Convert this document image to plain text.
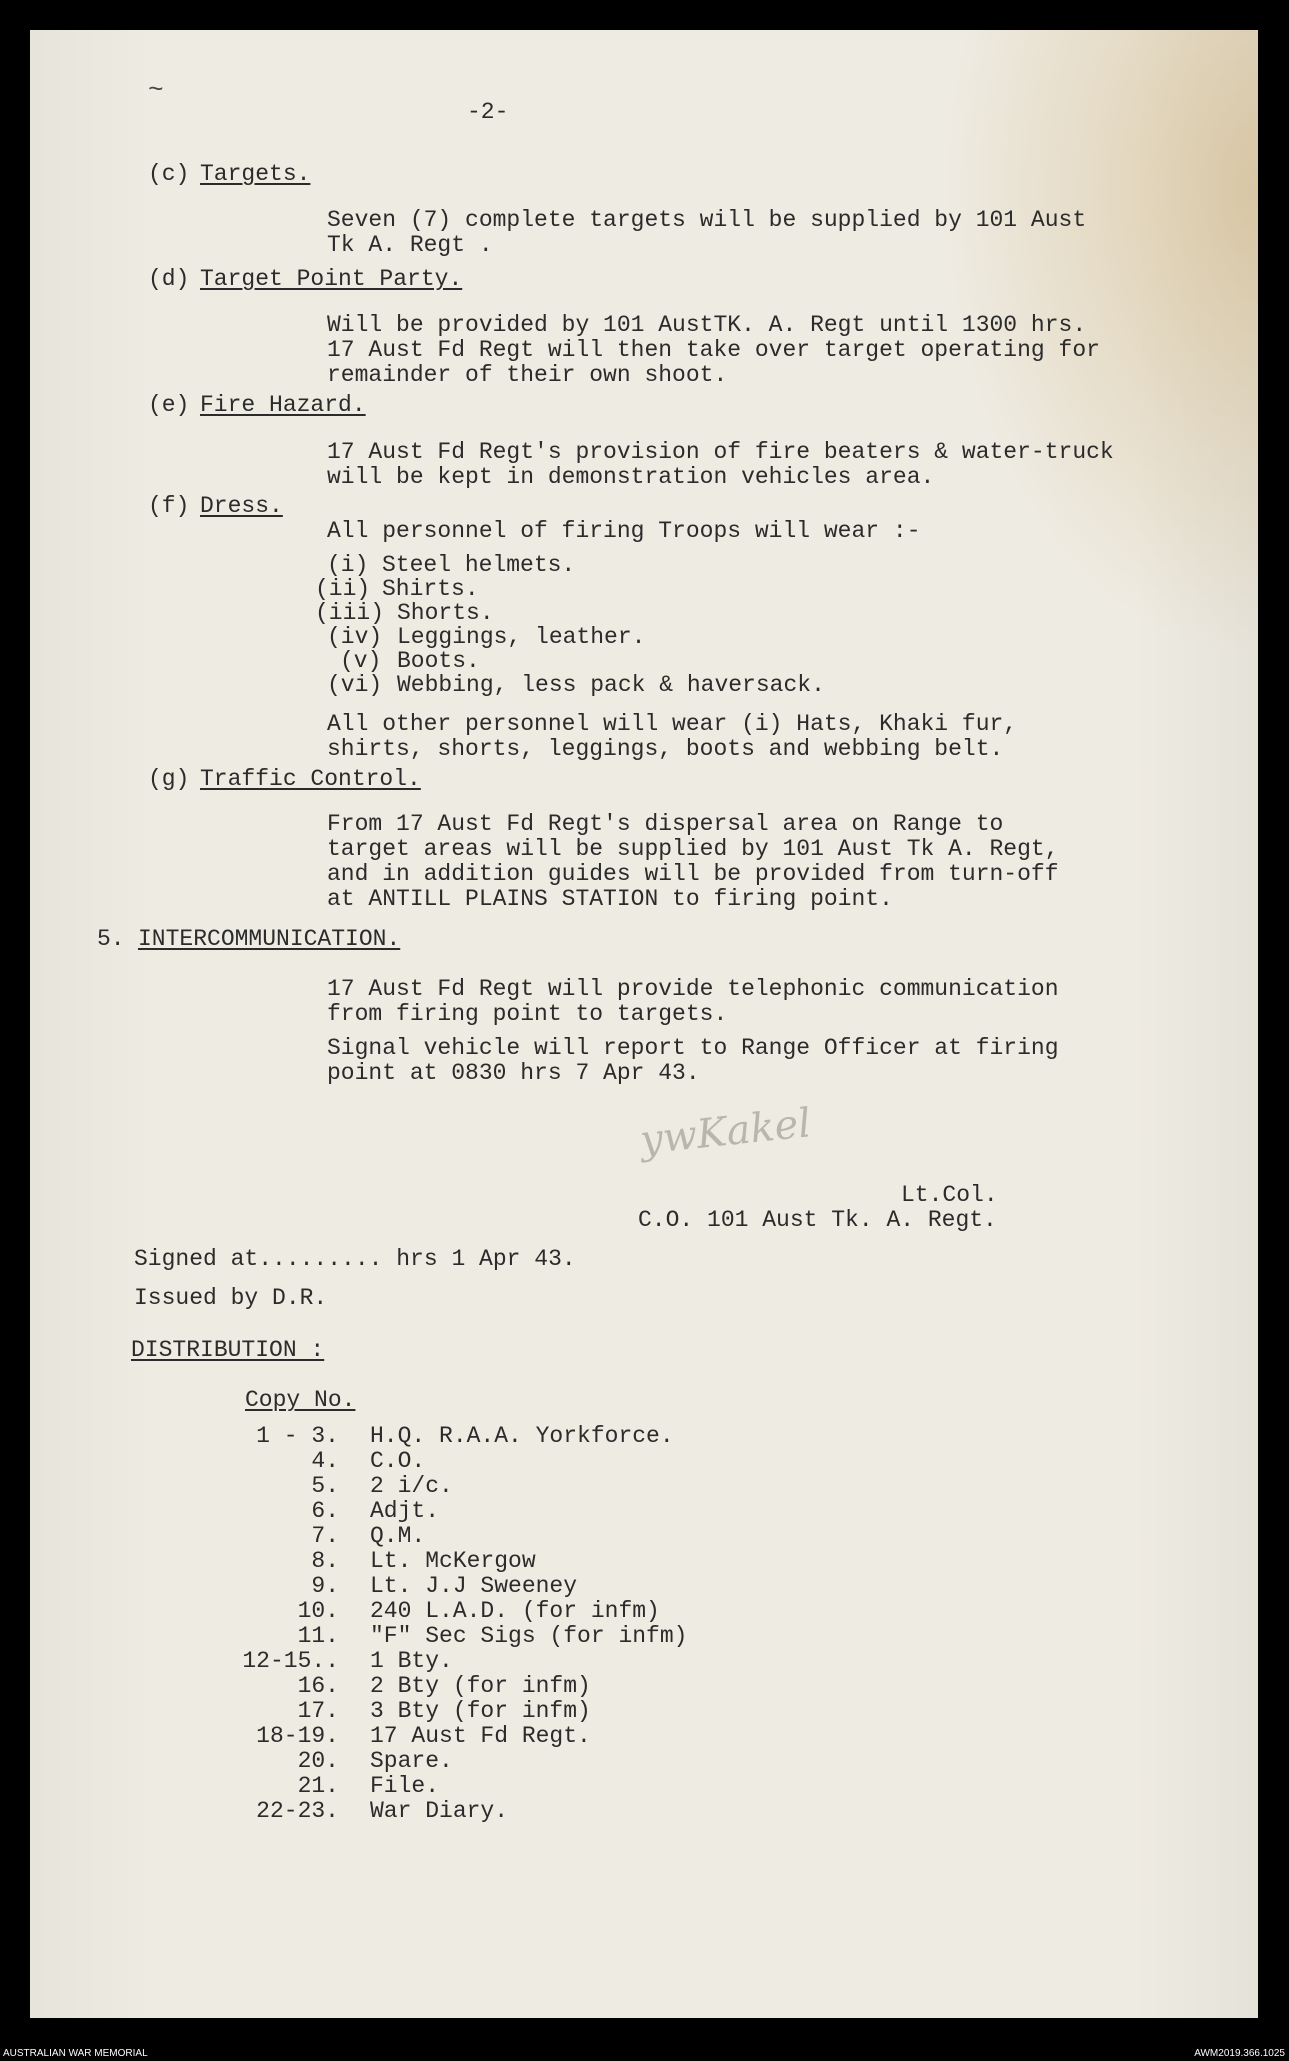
~
-2-
(c) Targets.
Seven (7) complete targets will be supplied by 101 Aust
Tk A. Regt .
(d) Target Point Party.
Will be provided by 101 AustTK. A. Regt until 1300 hrs.
17 Aust Fd Regt will then take over target operating for
remainder of their own shoot.
(e) Fire Hazard.
17 Aust Fd Regt's provision of fire beaters & water-truck
will be kept in demonstration vehicles area.
(f) Dress.
All personnel of firing Troops will wear :-
(i) Steel helmets.
(ii) Shirts.
(iii) Shorts.
(iv) Leggings, leather.
(v) Boots.
(vi) Webbing, less pack & haversack.
All other personnel will wear (i) Hats, Khaki fur,
shirts, shorts, leggings, boots and webbing belt.
(g) Traffic Control.
From 17 Aust Fd Regt's dispersal area on Range to
target areas will be supplied by 101 Aust Tk A. Regt,
and in addition guides will be provided from turn-off
at ANTILL PLAINS STATION to firing point.
5. INTERCOMMUNICATION.
17 Aust Fd Regt will provide telephonic communication
from firing point to targets.
Signal vehicle will report to Range Officer at firing
point at 0830 hrs 7 Apr 43.
ywKakel
Lt.Col.
C.O. 101 Aust Tk. A. Regt.
Signed at......... hrs 1 Apr 43.
Issued by D.R.
DISTRIBUTION :
Copy No.
1 - 3. H.Q. R.A.A. Yorkforce.
4. C.O.
5. 2 i/c.
6. Adjt.
7. Q.M.
8. Lt. McKergow
9. Lt. J.J Sweeney
10. 240 L.A.D. (for infm)
11. "F" Sec Sigs (for infm)
12-15.. 1 Bty.
16. 2 Bty (for infm)
17. 3 Bty (for infm)
18-19. 17 Aust Fd Regt.
20. Spare.
21. File.
22-23. War Diary.
AUSTRALIAN WAR MEMORIAL	AWM2019.366.1025
